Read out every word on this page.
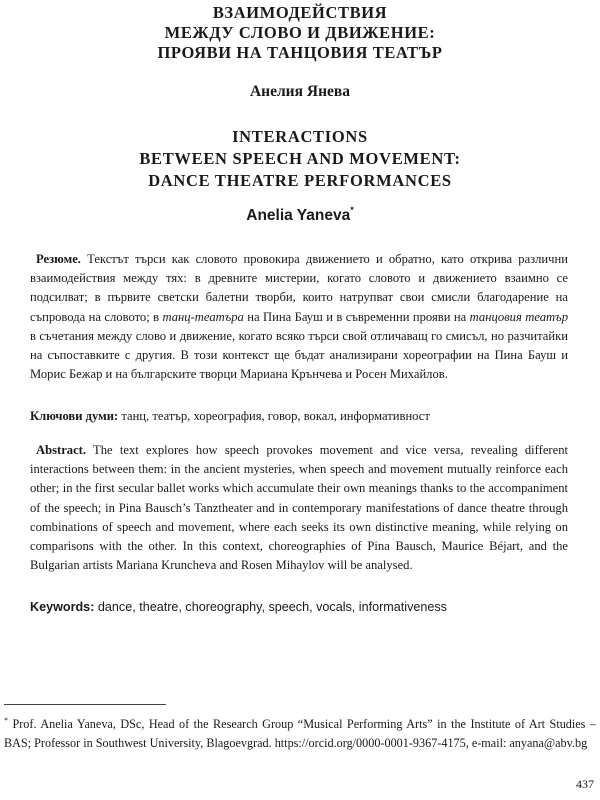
ВЗАИМОДЕЙСТВИЯ
МЕЖДУ СЛОВО И ДВИЖЕНИЕ:
ПРОЯВИ НА ТАНЦОВИЯ ТЕАТЪР
Анелия Янева
INTERACTIONS
BETWEEN SPEECH AND MOVEMENT:
DANCE THEATRE PERFORMANCES
Anelia Yaneva*
Резюме. Текстът търси как словото провокира движението и обратно, като открива различни взаимодействия между тях: в древните мистерии, когато словото и движението взаимно се подсилват; в първите светски балетни творби, които натрупват свои смисли благодарение на съпровода на словото; в танц-театъра на Пина Бауш и в съвременни прояви на танцовия театър в съчетания между слово и движение, когато всяко търси свой отличаващ го смисъл, но разчитайки на съпоставките с другия. В този контекст ще бъдат анализирани хореографии на Пина Бауш и Морис Бежар и на българските творци Мариана Крънчева и Росен Михайлов.
Ключови думи: танц, театър, хореография, говор, вокал, информативност
Abstract. The text explores how speech provokes movement and vice versa, revealing different interactions between them: in the ancient mysteries, when speech and movement mutually reinforce each other; in the first secular ballet works which accumulate their own meanings thanks to the accompaniment of the speech; in Pina Bausch’s Tanztheater and in contemporary manifestations of dance theatre through combinations of speech and movement, where each seeks its own distinctive meaning, while relying on comparisons with the other. In this context, choreographies of Pina Bausch, Maurice Béjart, and the Bulgarian artists Mariana Kruncheva and Rosen Mihaylov will be analysed.
Keywords: dance, theatre, choreography, speech, vocals, informativeness
* Prof. Anelia Yaneva, DSc, Head of the Research Group “Musical Performing Arts” in the Institute of Art Studies – BAS; Professor in Southwest University, Blagoevgrad. https://orcid.org/0000-0001-9367-4175, e-mail: anyana@abv.bg
437
